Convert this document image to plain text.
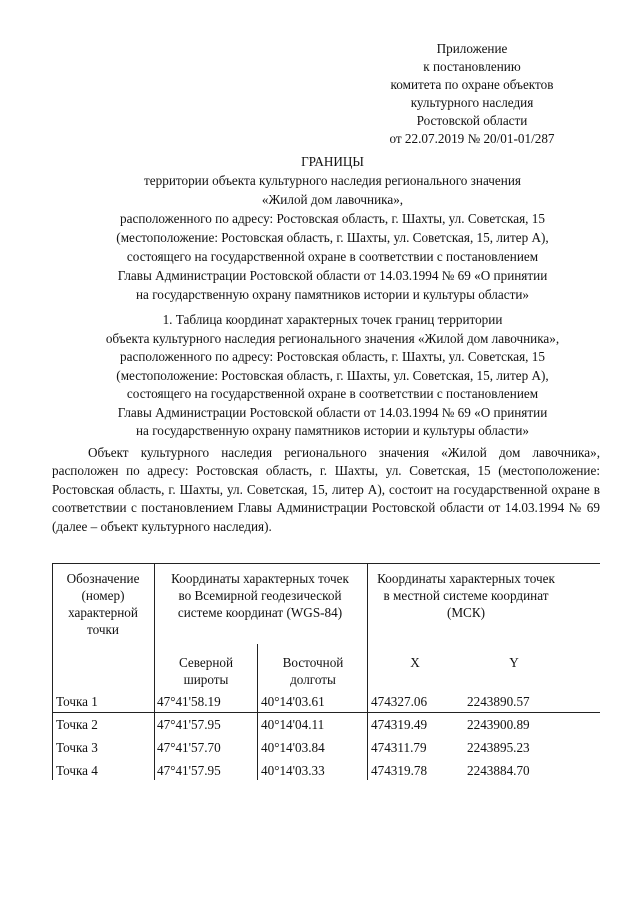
Приложение
к постановлению
комитета по охране объектов
культурного наследия
Ростовской области
от 22.07.2019 № 20/01-01/287
ГРАНИЦЫ
территории объекта культурного наследия регионального значения
«Жилой дом лавочника»,
расположенного по адресу: Ростовская область, г. Шахты, ул. Советская, 15
(местоположение: Ростовская область, г. Шахты, ул. Советская, 15, литер А),
состоящего на государственной охране в соответствии с постановлением
Главы Администрации Ростовской области от 14.03.1994 № 69 «О принятии
на государственную охрану памятников истории и культуры области»
1. Таблица координат характерных точек границ территории
объекта культурного наследия регионального значения «Жилой дом лавочника»,
расположенного по адресу: Ростовская область, г. Шахты, ул. Советская, 15
(местоположение: Ростовская область, г. Шахты, ул. Советская, 15, литер А),
состоящего на государственной охране в соответствии с постановлением
Главы Администрации Ростовской области от 14.03.1994 № 69 «О принятии
на государственную охрану памятников истории и культуры области»

Объект культурного наследия регионального значения «Жилой дом лавочника», расположен по адресу: Ростовская область, г. Шахты, ул. Советская, 15 (местоположение: Ростовская область, г. Шахты, ул. Советская, 15, литер А), состоит на государственной охране в соответствии с постановлением Главы Администрации Ростовской области от 14.03.1994 № 69 (далее – объект культурного наследия).

Обозначение (номер) характерной точки
Координаты характерных точек во Всемирной геодезической системе координат (WGS-84)
Координаты характерных точек в местной системе координат (МСК)
Северной широты
Восточной долготы
X	Y
Точка 1	47°41'58.19	40°14'03.61	474327.06	2243890.57
Точка 2	47°41'57.95	40°14'04.11	474319.49	2243900.89
Точка 3	47°41'57.70	40°14'03.84	474311.79	2243895.23
Точка 4	47°41'57.95	40°14'03.33	474319.78	2243884.70
